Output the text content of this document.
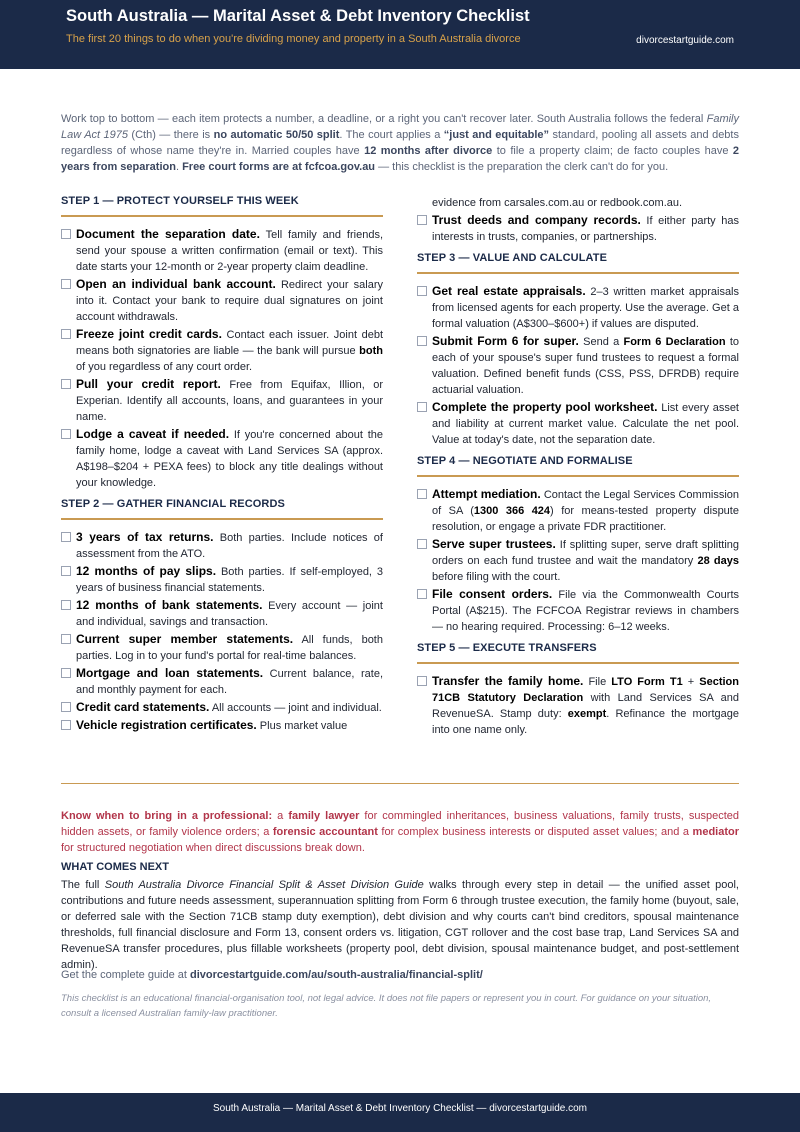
South Australia — Marital Asset & Debt Inventory Checklist
The first 20 things to do when you're dividing money and property in a South Australia divorce	divorcestartguide.com
Work top to bottom — each item protects a number, a deadline, or a right you can't recover later. South Australia follows the federal Family Law Act 1975 (Cth) — there is no automatic 50/50 split. The court applies a “just and equitable” standard, pooling all assets and debts regardless of whose name they're in. Married couples have 12 months after divorce to file a property claim; de facto couples have 2 years from separation. Free court forms are at fcfcoa.gov.au — this checklist is the preparation the clerk can't do for you.
STEP 1 — PROTECT YOURSELF THIS WEEK
Document the separation date. Tell family and friends, send your spouse a written confirmation (email or text). This date starts your 12-month or 2-year property claim deadline.
Open an individual bank account. Redirect your salary into it. Contact your bank to require dual signatures on joint account withdrawals.
Freeze joint credit cards. Contact each issuer. Joint debt means both signatories are liable — the bank will pursue both of you regardless of any court order.
Pull your credit report. Free from Equifax, Illion, or Experian. Identify all accounts, loans, and guarantees in your name.
Lodge a caveat if needed. If you're concerned about the family home, lodge a caveat with Land Services SA (approx. A$198–$204 + PEXA fees) to block any title dealings without your knowledge.
STEP 2 — GATHER FINANCIAL RECORDS
3 years of tax returns. Both parties. Include notices of assessment from the ATO.
12 months of pay slips. Both parties. If self-employed, 3 years of business financial statements.
12 months of bank statements. Every account — joint and individual, savings and transaction.
Current super member statements. All funds, both parties. Log in to your fund's portal for real-time balances.
Mortgage and loan statements. Current balance, rate, and monthly payment for each.
Credit card statements. All accounts — joint and individual.
Vehicle registration certificates. Plus market value
evidence from carsales.com.au or redbook.com.au.
Trust deeds and company records. If either party has interests in trusts, companies, or partnerships.
STEP 3 — VALUE AND CALCULATE
Get real estate appraisals. 2–3 written market appraisals from licensed agents for each property. Use the average. Get a formal valuation (A$300–$600+) if values are disputed.
Submit Form 6 for super. Send a Form 6 Declaration to each of your spouse's super fund trustees to request a formal valuation. Defined benefit funds (CSS, PSS, DFRDB) require actuarial valuation.
Complete the property pool worksheet. List every asset and liability at current market value. Calculate the net pool. Value at today's date, not the separation date.
STEP 4 — NEGOTIATE AND FORMALISE
Attempt mediation. Contact the Legal Services Commission of SA (1300 366 424) for means-tested property dispute resolution, or engage a private FDR practitioner.
Serve super trustees. If splitting super, serve draft splitting orders on each fund trustee and wait the mandatory 28 days before filing with the court.
File consent orders. File via the Commonwealth Courts Portal (A$215). The FCFCOA Registrar reviews in chambers — no hearing required. Processing: 6–12 weeks.
STEP 5 — EXECUTE TRANSFERS
Transfer the family home. File LTO Form T1 + Section 71CB Statutory Declaration with Land Services SA and RevenueSA. Stamp duty: exempt. Refinance the mortgage into one name only.
Know when to bring in a professional: a family lawyer for commingled inheritances, business valuations, family trusts, suspected hidden assets, or family violence orders; a forensic accountant for complex business interests or disputed asset values; and a mediator for structured negotiation when direct discussions break down.
WHAT COMES NEXT
The full South Australia Divorce Financial Split & Asset Division Guide walks through every step in detail — the unified asset pool, contributions and future needs assessment, superannuation splitting from Form 6 through trustee execution, the family home (buyout, sale, or deferred sale with the Section 71CB stamp duty exemption), debt division and why courts can't bind creditors, spousal maintenance thresholds, full financial disclosure and Form 13, consent orders vs. litigation, CGT rollover and the cost base trap, Land Services SA and RevenueSA transfer procedures, plus fillable worksheets (property pool, debt division, spousal maintenance budget, and post-settlement admin).
Get the complete guide at divorcestartguide.com/au/south-australia/financial-split/
This checklist is an educational financial-organisation tool, not legal advice. It does not file papers or represent you in court. For guidance on your situation, consult a licensed Australian family-law practitioner.
South Australia — Marital Asset & Debt Inventory Checklist — divorcestartguide.com
